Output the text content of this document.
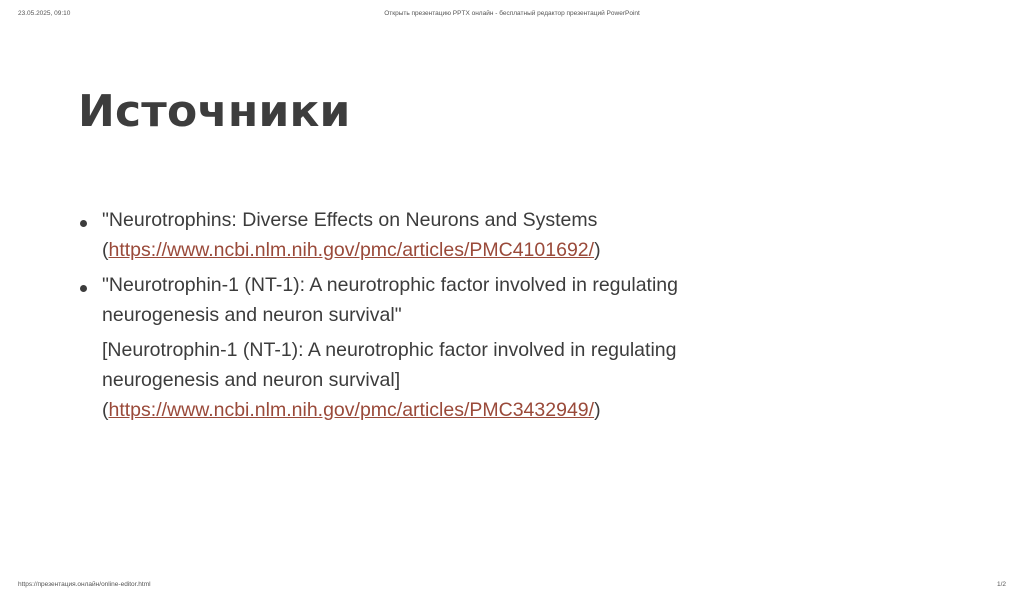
23.05.2025, 09:10	Открыть презентацию PPTX онлайн - бесплатный редактор презентаций PowerPoint
Источники
"Neurotrophins: Diverse Effects on Neurons and Systems
(https://www.ncbi.nlm.nih.gov/pmc/articles/PMC4101692/)
"Neurotrophin-1 (NT-1): A neurotrophic factor involved in regulating neurogenesis and neuron survival"
[Neurotrophin-1 (NT-1): A neurotrophic factor involved in regulating neurogenesis and neuron survival]
(https://www.ncbi.nlm.nih.gov/pmc/articles/PMC3432949/)
https://презентация.онлайн/online-editor.html	1/2
